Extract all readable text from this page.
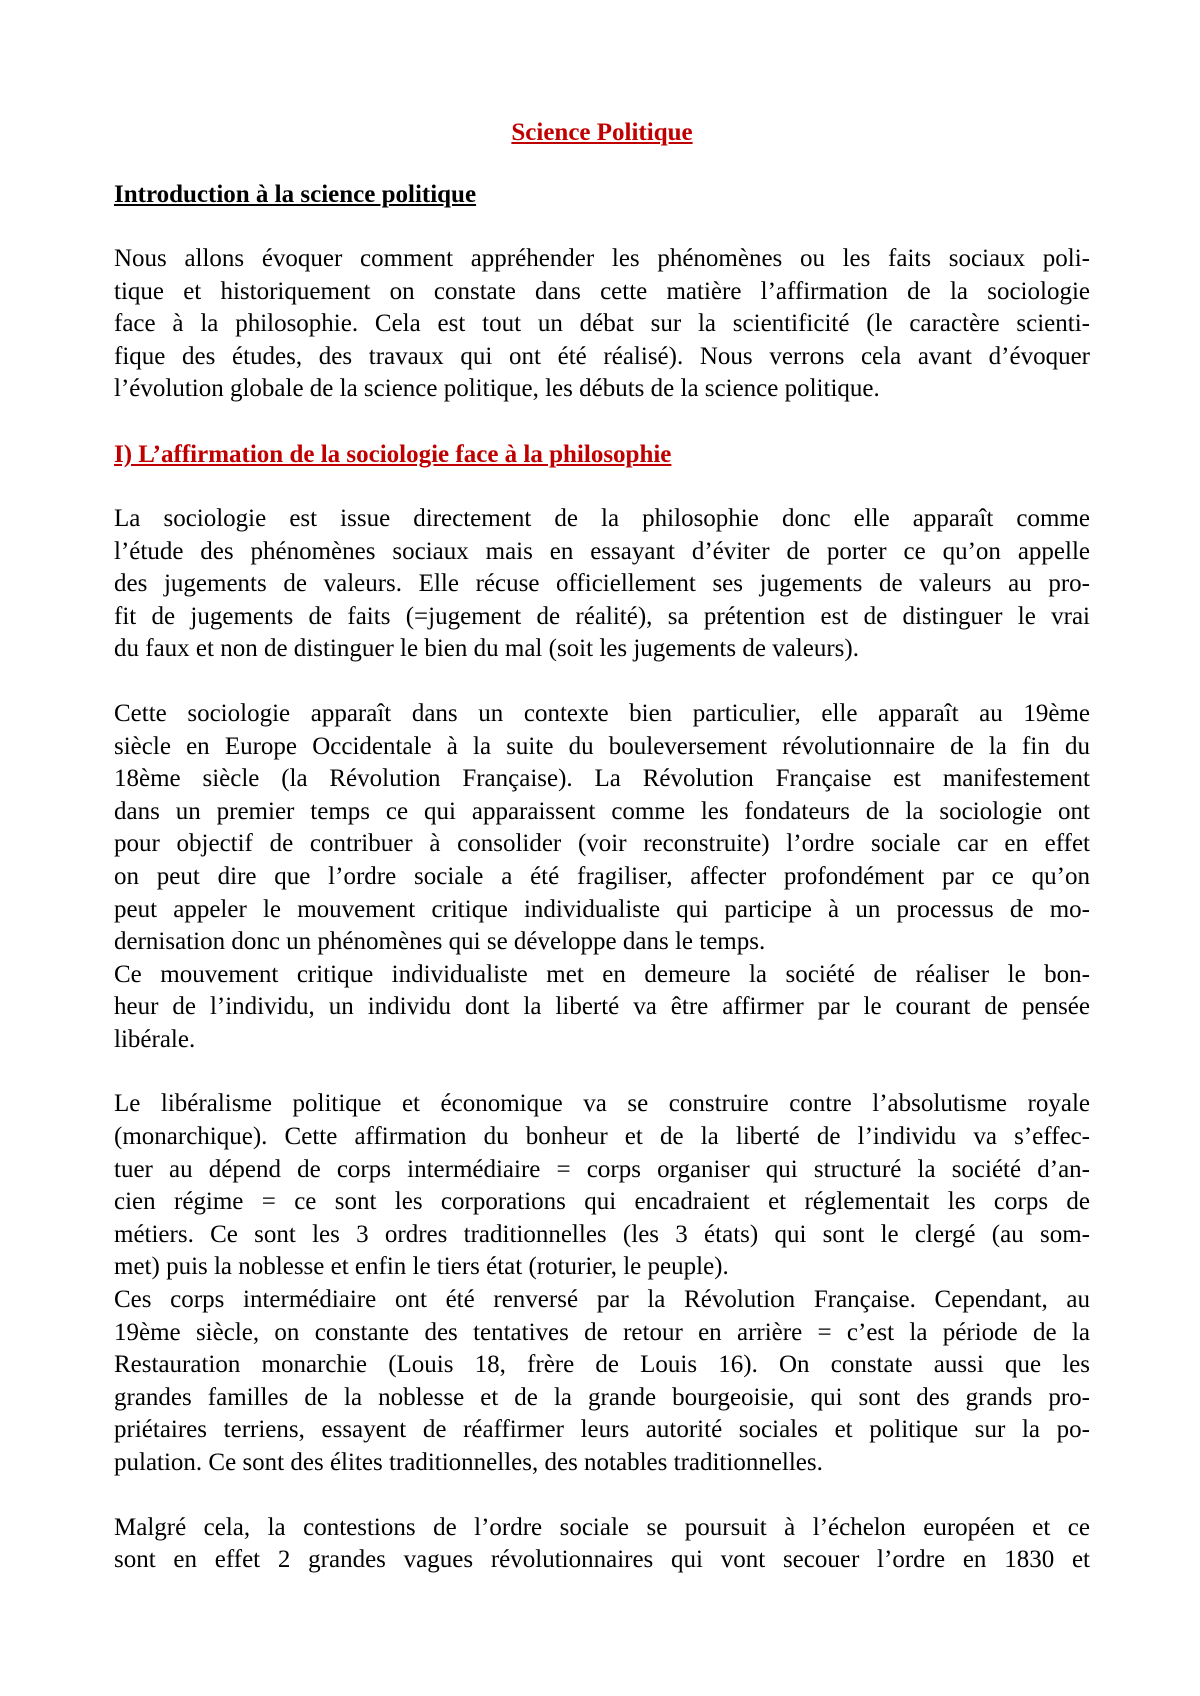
Science Politique
Introduction à la science politique
Nous allons évoquer comment appréhender les phénomènes ou les faits sociaux poli-
tique et historiquement on constate dans cette matière l’affirmation de la sociologie
face à la philosophie. Cela est tout un débat sur la scientificité (le caractère scienti-
fique des études, des travaux qui ont été réalisé). Nous verrons cela avant d’évoquer
l’évolution globale de la science politique, les débuts de la science politique.
I) L’affirmation de la sociologie face à la philosophie
La sociologie est issue directement de la philosophie donc elle apparaît comme
l’étude des phénomènes sociaux mais en essayant d’éviter de porter ce qu’on appelle
des jugements de valeurs. Elle récuse officiellement ses jugements de valeurs au pro-
fit de jugements de faits (=jugement de réalité), sa prétention est de distinguer le vrai
du faux et non de distinguer le bien du mal (soit les jugements de valeurs).
Cette sociologie apparaît dans un contexte bien particulier, elle apparaît au 19ème
siècle en Europe Occidentale à la suite du bouleversement révolutionnaire de la fin du
18ème siècle (la Révolution Française). La Révolution Française est manifestement
dans un premier temps ce qui apparaissent comme les fondateurs de la sociologie ont
pour objectif de contribuer à consolider (voir reconstruite) l’ordre sociale car en effet
on peut dire que l’ordre sociale a été fragiliser, affecter profondément par ce qu’on
peut appeler le mouvement critique individualiste qui participe à un processus de mo-
dernisation donc un phénomènes qui se développe dans le temps.
Ce mouvement critique individualiste met en demeure la société de réaliser le bon-
heur de l’individu, un individu dont la liberté va être affirmer par le courant de pensée
libérale.
Le libéralisme politique et économique va se construire contre l’absolutisme royale
(monarchique). Cette affirmation du bonheur et de la liberté de l’individu va s’effec-
tuer au dépend de corps intermédiaire = corps organiser qui structuré la société d’an-
cien régime = ce sont les corporations qui encadraient et réglementait les corps de
métiers. Ce sont les 3 ordres traditionnelles (les 3 états) qui sont le clergé (au som-
met) puis la noblesse et enfin le tiers état (roturier, le peuple).
Ces corps intermédiaire ont été renversé par la Révolution Française. Cependant, au
19ème siècle, on constante des tentatives de retour en arrière = c’est la période de la
Restauration monarchie (Louis 18, frère de Louis 16). On constate aussi que les
grandes familles de la noblesse et de la grande bourgeoisie, qui sont des grands pro-
priétaires terriens, essayent de réaffirmer leurs autorité sociales et politique sur la po-
pulation. Ce sont des élites traditionnelles, des notables traditionnelles.
Malgré cela, la contestions de l’ordre sociale se poursuit à l’échelon européen et ce
sont en effet 2 grandes vagues révolutionnaires qui vont secouer l’ordre en 1830 et
